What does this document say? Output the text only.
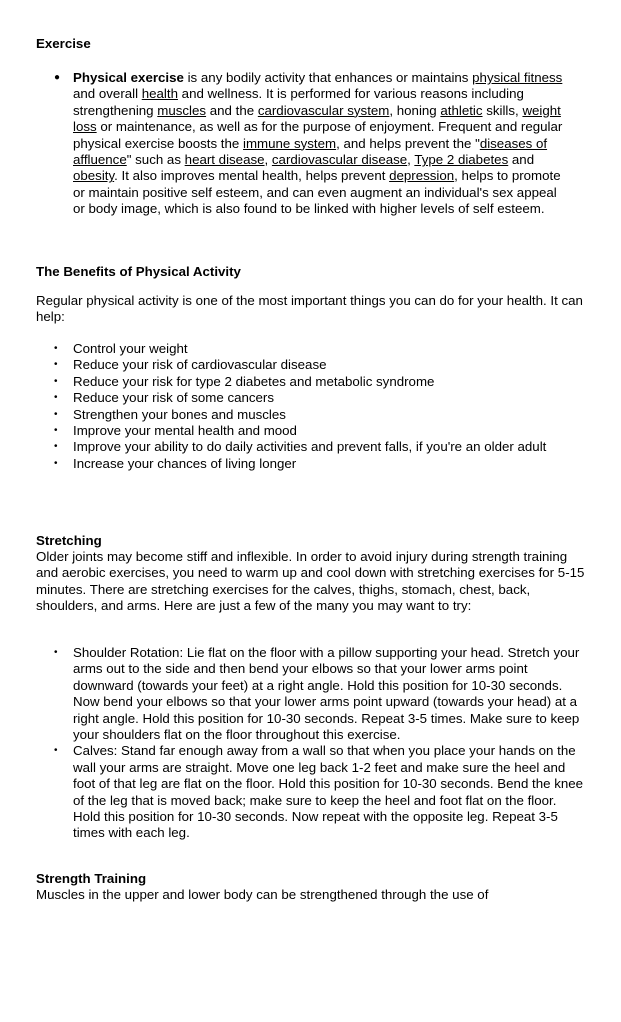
Exercise
● Physical exercise is any bodily activity that enhances or maintains physical fitness and overall health and wellness. It is performed for various reasons including strengthening muscles and the cardiovascular system, honing athletic skills, weight loss or maintenance, as well as for the purpose of enjoyment. Frequent and regular physical exercise boosts the immune system, and helps prevent the "diseases of affluence" such as heart disease, cardiovascular disease, Type 2 diabetes and obesity. It also improves mental health, helps prevent depression, helps to promote or maintain positive self esteem, and can even augment an individual's sex appeal or body image, which is also found to be linked with higher levels of self esteem.
The Benefits of Physical Activity

Regular physical activity is one of the most important things you can do for your health. It can help:

• Control your weight
• Reduce your risk of cardiovascular disease
• Reduce your risk for type 2 diabetes and metabolic syndrome
• Reduce your risk of some cancers
• Strengthen your bones and muscles
• Improve your mental health and mood
• Improve your ability to do daily activities and prevent falls, if you're an older adult
• Increase your chances of living longer
Stretching

Older joints may become stiff and inflexible. In order to avoid injury during strength training and aerobic exercises, you need to warm up and cool down with stretching exercises for 5-15 minutes. There are stretching exercises for the calves, thighs, stomach, chest, back, shoulders, and arms. Here are just a few of the many you may want to try:

• Shoulder Rotation: Lie flat on the floor with a pillow supporting your head. Stretch your arms out to the side and then bend your elbows so that your lower arms point downward (towards your feet) at a right angle. Hold this position for 10-30 seconds. Now bend your elbows so that your lower arms point upward (towards your head) at a right angle. Hold this position for 10-30 seconds. Repeat 3-5 times. Make sure to keep your shoulders flat on the floor throughout this exercise.
• Calves: Stand far enough away from a wall so that when you place your hands on the wall your arms are straight. Move one leg back 1-2 feet and make sure the heel and foot of that leg are flat on the floor. Hold this position for 10-30 seconds. Bend the knee of the leg that is moved back; make sure to keep the heel and foot flat on the floor. Hold this position for 10-30 seconds. Now repeat with the opposite leg. Repeat 3-5 times with each leg.
Strength Training

Muscles in the upper and lower body can be strengthened through the use of
